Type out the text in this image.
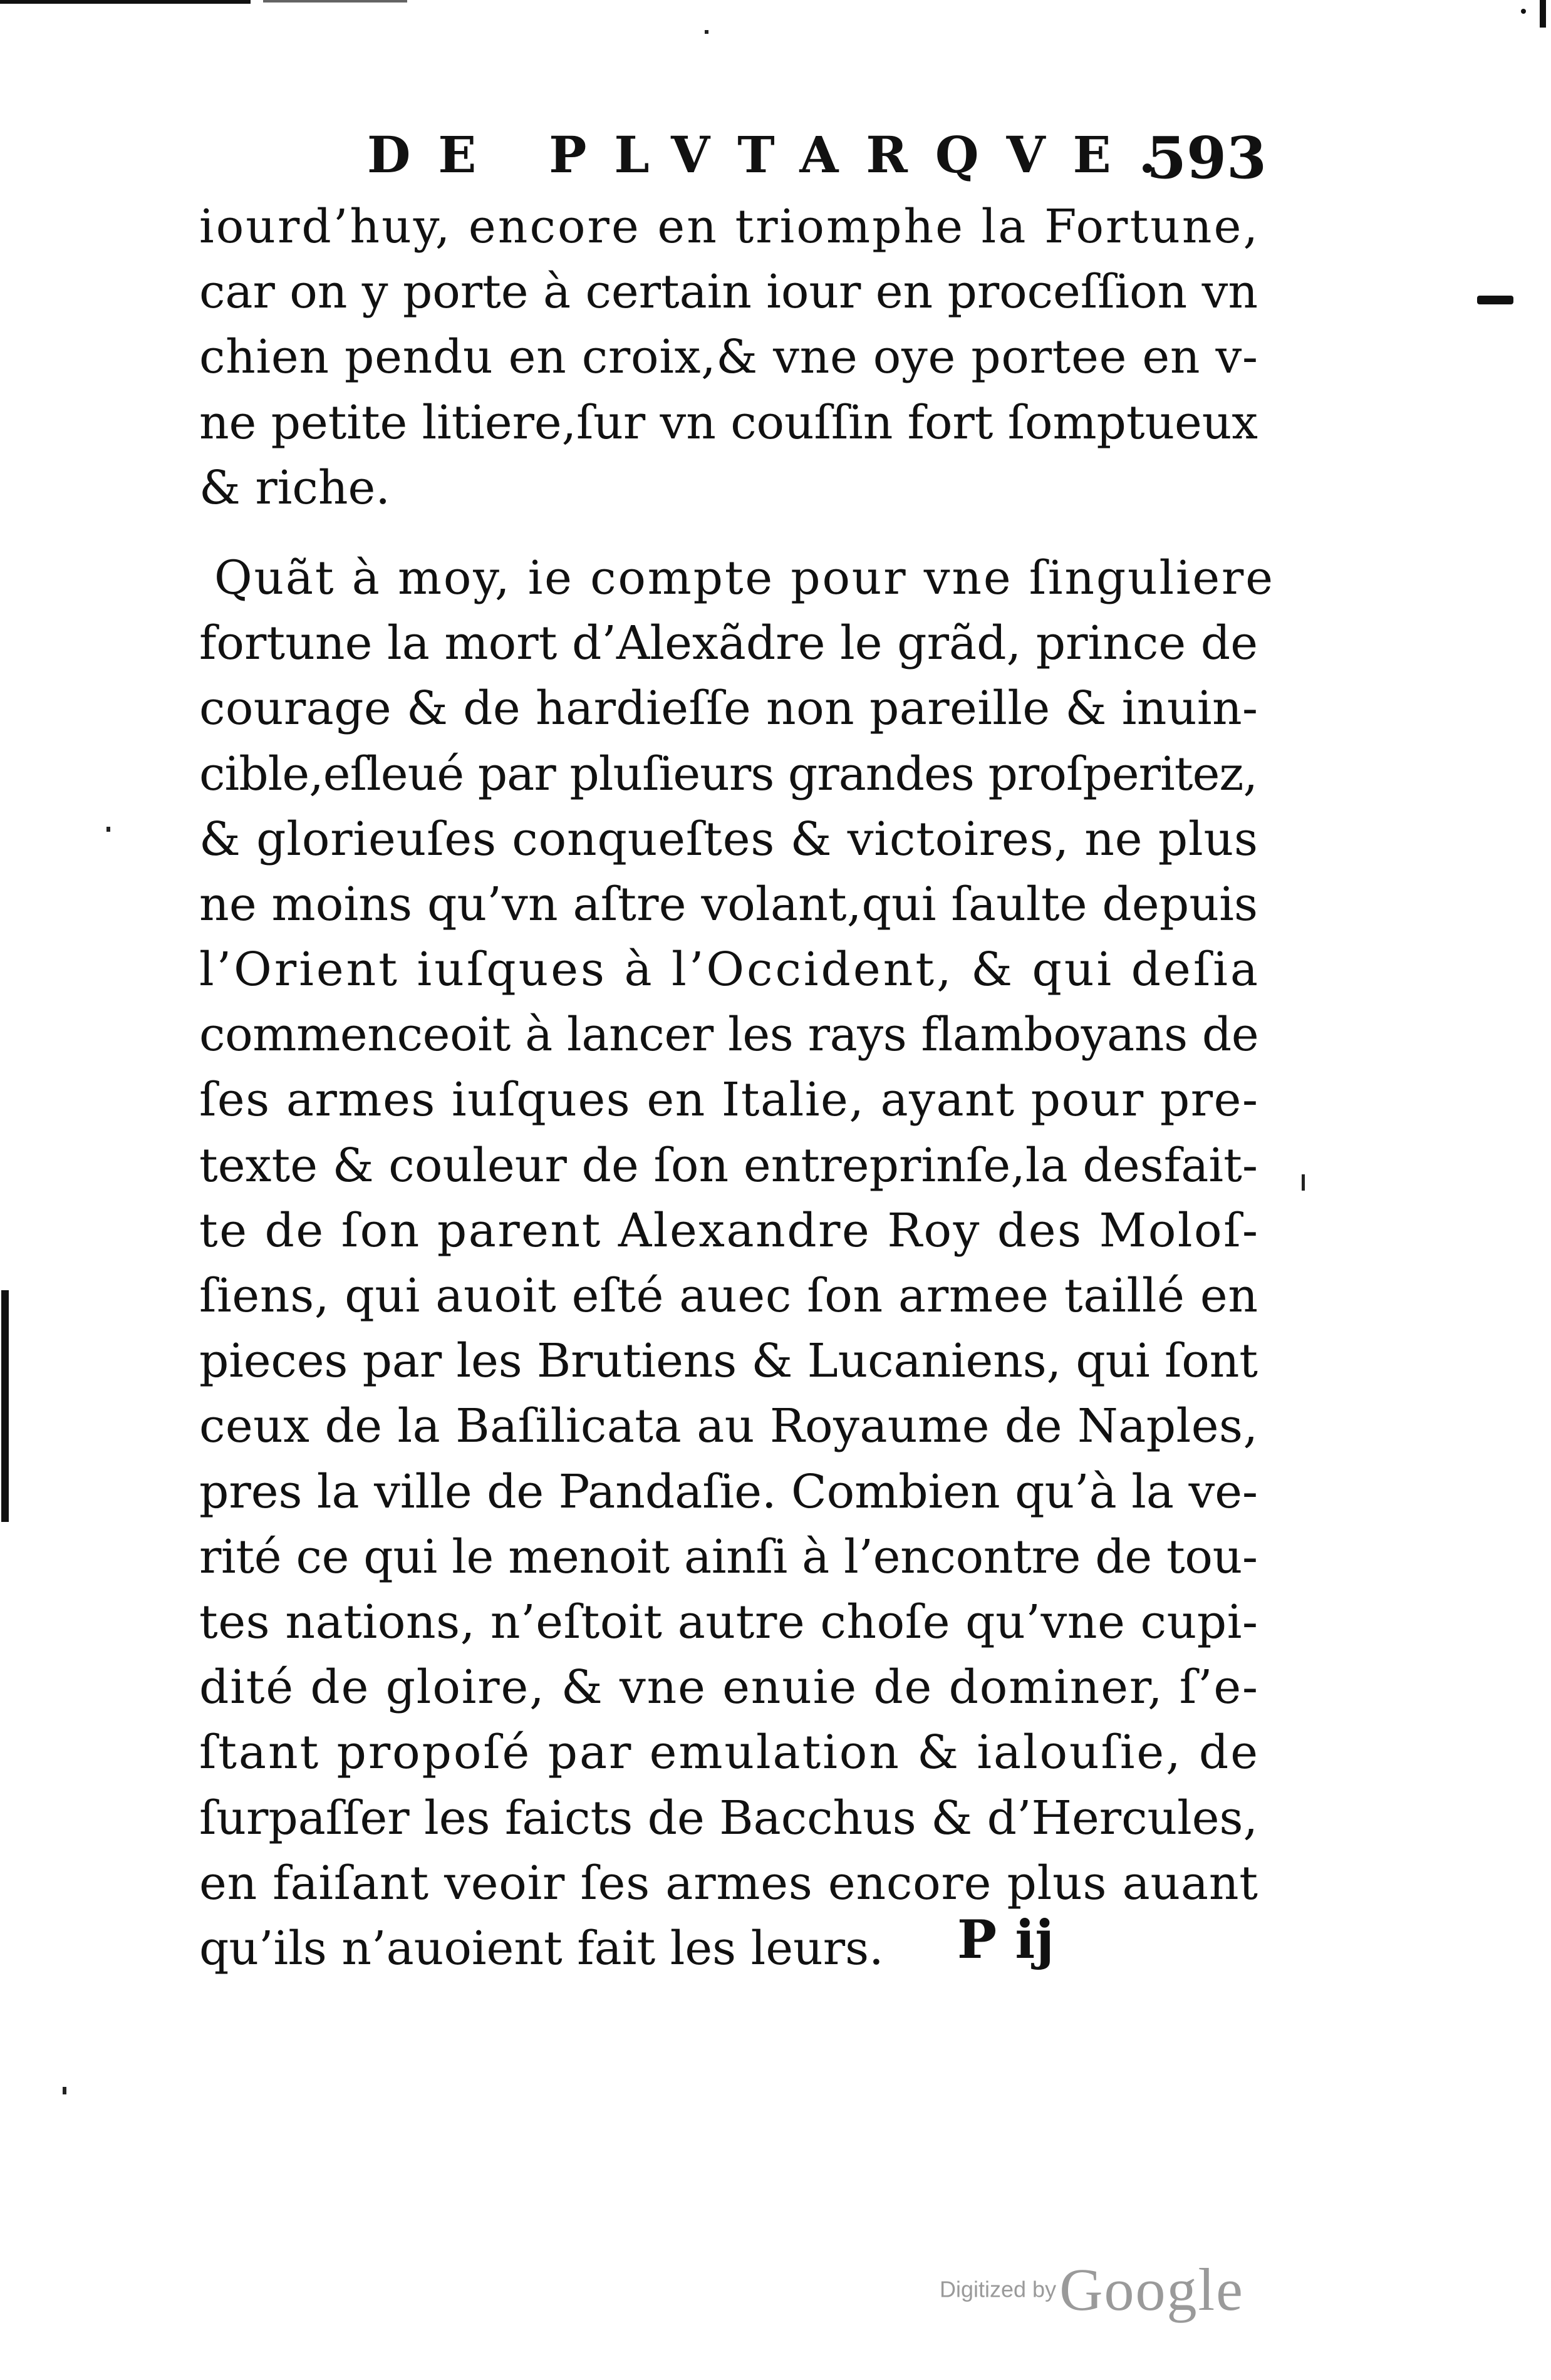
DE PLVTARQVE.
593
iourd’huy, encore en triomphe la Fortune,
car on y porte à certain iour en proceſſion vn
chien pendu en croix,& vne oye portee en v-
ne petite litiere,ſur vn couſſin fort ſomptueux
& riche.
Quãt à moy, ie compte pour vne ſinguliere
fortune la mort d’Alexãdre le grãd, prince de
courage & de hardieſſe non pareille & inuin-
cible,eſleué par pluſieurs grandes proſperitez,
& glorieuſes conqueſtes & victoires, ne plus
ne moins qu’vn aſtre volant,qui ſaulte depuis
l’Orient iuſques à l’Occident, & qui deſia
commenceoit à lancer les rays flamboyans de
ſes armes iuſques en Italie, ayant pour pre-
texte & couleur de ſon entreprinſe,la desfait-
te de ſon parent Alexandre Roy des Moloſ-
ſiens, qui auoit eſté auec ſon armee taillé en
pieces par les Brutiens & Lucaniens, qui ſont
ceux de la Baſilicata au Royaume de Naples,
pres la ville de Pandaſie. Combien qu’à la ve-
rité ce qui le menoit ainſi à l’encontre de tou-
tes nations, n’eſtoit autre choſe qu’vne cupi-
dité de gloire, & vne enuie de dominer, ſ’e-
ſtant propoſé par emulation & ialouſie, de
ſurpaſſer les faicts de Bacchus & d’Hercules,
en faiſant veoir ſes armes encore plus auant
qu’ils n’auoient fait les leurs.	P ij
Digitized by Google
